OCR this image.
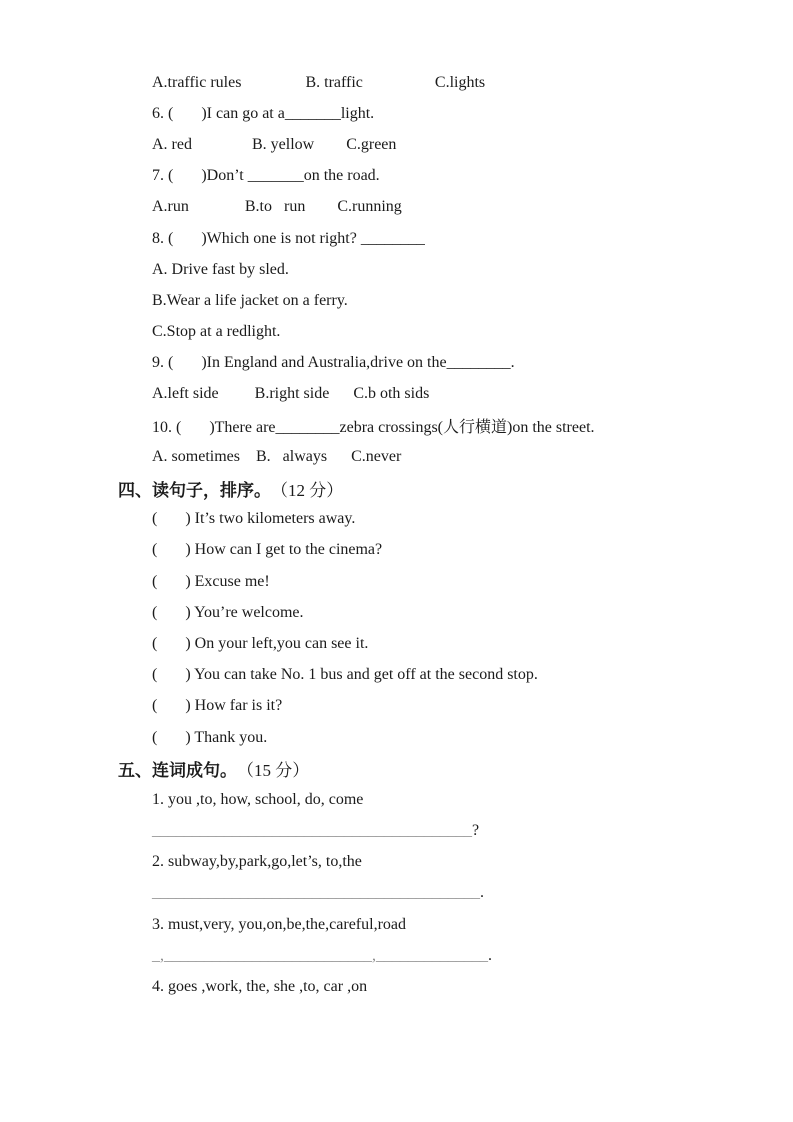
A.traffic rules                B. traffic                  C.lights
6. (       )I can go at a_______light.
A. red               B. yellow        C.green
7. (       )Don’t _______on the road.
A.run              B.to   run        C.running
8. (       )Which one is not right? ________
A. Drive fast by sled.
B.Wear a life jacket on a ferry.
C.Stop at a redlight.
9. (       )In England and Australia,drive on the________.
A.left side         B.right side      C.b oth sids
10. (       )There are________zebra crossings(人行横道)on the street.
A. sometimes    B.   always      C.never
四、读句子，排序。 （12 分）
(       ) It’s two kilometers away.
(       ) How can I get to the cinema?
(       ) Excuse me!
(       ) You’re welcome.
(       ) On your left,you can see it.
(       ) You can take No. 1 bus and get off at the second stop.
(       ) How far is it?
(       ) Thank you.
五、连词成句。 （15 分）
1. you ,to, how, school, do, come
________________________________________ ?
2. subway,by,park,go,let’s, to,the
_________________________________________ .
3. must,very, you,on,be,the,careful,road
_,__________________________,______________ .
4. goes ,work, the, she ,to, car ,on
